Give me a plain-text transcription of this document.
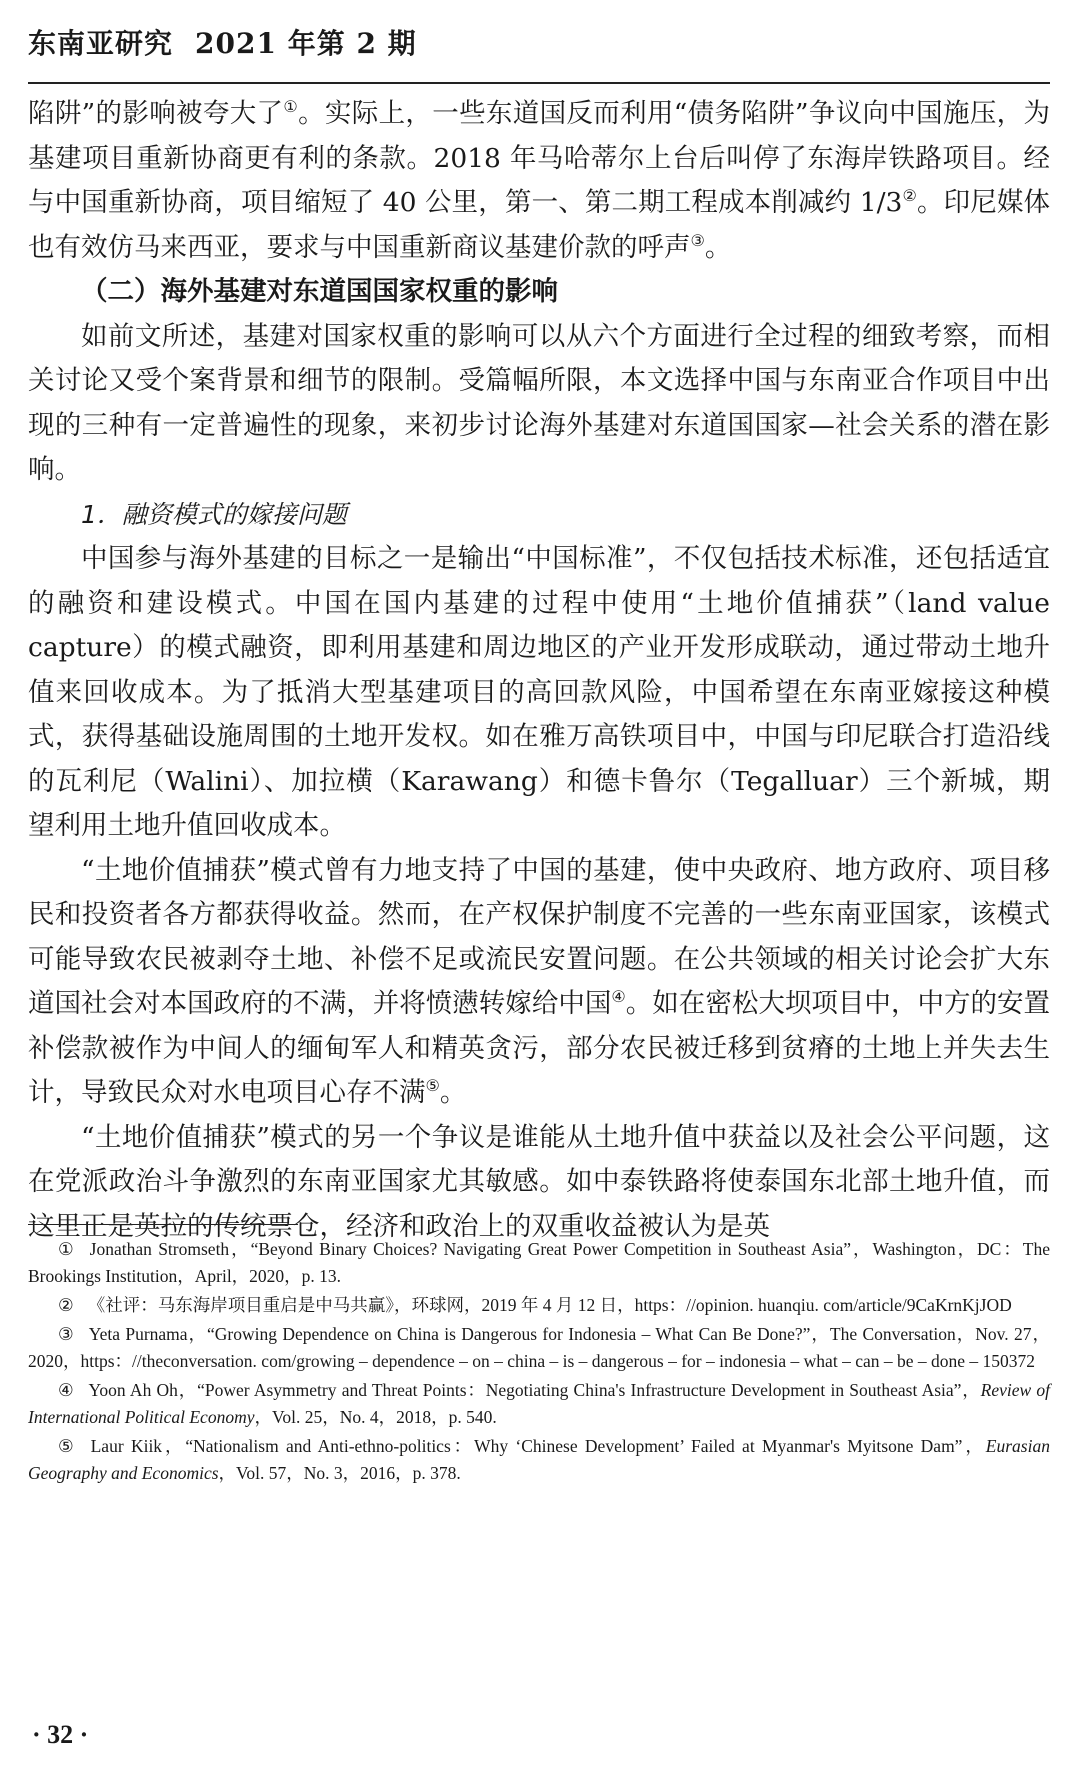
东南亚研究 2021 年第 2 期

陷阱”的影响被夸大了①。实际上，一些东道国反而利用“债务陷阱”争议向中国施压，为基建项目重新协商更有利的条款。2018 年马哈蒂尔上台后叫停了东海岸铁路项目。经与中国重新协商，项目缩短了 40 公里，第一、第二期工程成本削减约 1/3②。印尼媒体也有效仿马来西亚，要求与中国重新商议基建价款的呼声③。

（二）海外基建对东道国国家权重的影响

如前文所述，基建对国家权重的影响可以从六个方面进行全过程的细致考察，而相关讨论又受个案背景和细节的限制。受篇幅所限，本文选择中国与东南亚合作项目中出现的三种有一定普遍性的现象，来初步讨论海外基建对东道国国家—社会关系的潜在影响。

1．融资模式的嫁接问题

中国参与海外基建的目标之一是输出“中国标准”，不仅包括技术标准，还包括适宜的融资和建设模式。中国在国内基建的过程中使用“土地价值捕获”（land value capture）的模式融资，即利用基建和周边地区的产业开发形成联动，通过带动土地升值来回收成本。为了抵消大型基建项目的高回款风险，中国希望在东南亚嫁接这种模式，获得基础设施周围的土地开发权。如在雅万高铁项目中，中国与印尼联合打造沿线的瓦利尼（Walini）、加拉横（Karawang）和德卡鲁尔（Tegalluar）三个新城，期望利用土地升值回收成本。

“土地价值捕获”模式曾有力地支持了中国的基建，使中央政府、地方政府、项目移民和投资者各方都获得收益。然而，在产权保护制度不完善的一些东南亚国家，该模式可能导致农民被剥夺土地、补偿不足或流民安置问题。在公共领域的相关讨论会扩大东道国社会对本国政府的不满，并将愤懑转嫁给中国④。如在密松大坝项目中，中方的安置补偿款被作为中间人的缅甸军人和精英贪污，部分农民被迁移到贫瘠的土地上并失去生计，导致民众对水电项目心存不满⑤。

“土地价值捕获”模式的另一个争议是谁能从土地升值中获益以及社会公平问题，这在党派政治斗争激烈的东南亚国家尤其敏感。如中泰铁路将使泰国东北部土地升值，而这里正是英拉的传统票仓，经济和政治上的双重收益被认为是英

① Jonathan Stromseth，“Beyond Binary Choices? Navigating Great Power Competition in Southeast Asia”，Washington，DC：The Brookings Institution，April，2020，p. 13.

② 《社评：马东海岸项目重启是中马共赢》，环球网，2019 年 4 月 12 日，https：//opinion. huanqiu. com/article/9CaKrnKjJOD

③ Yeta Purnama，“Growing Dependence on China is Dangerous for Indonesia – What Can Be Done?”，The Conversation，Nov. 27，2020，https：//theconversation. com/growing – dependence – on – china – is – dangerous – for – indonesia – what – can – be – done – 150372

④ Yoon Ah Oh，“Power Asymmetry and Threat Points：Negotiating China's Infrastructure Development in Southeast Asia”，Review of International Political Economy，Vol. 25，No. 4，2018，p. 540.

⑤ Laur Kiik，“Nationalism and Anti-ethno-politics：Why ‘Chinese Development’ Failed at Myanmar's Myitsone Dam”，Eurasian Geography and Economics，Vol. 57，No. 3，2016，p. 378.

· 32 ·
